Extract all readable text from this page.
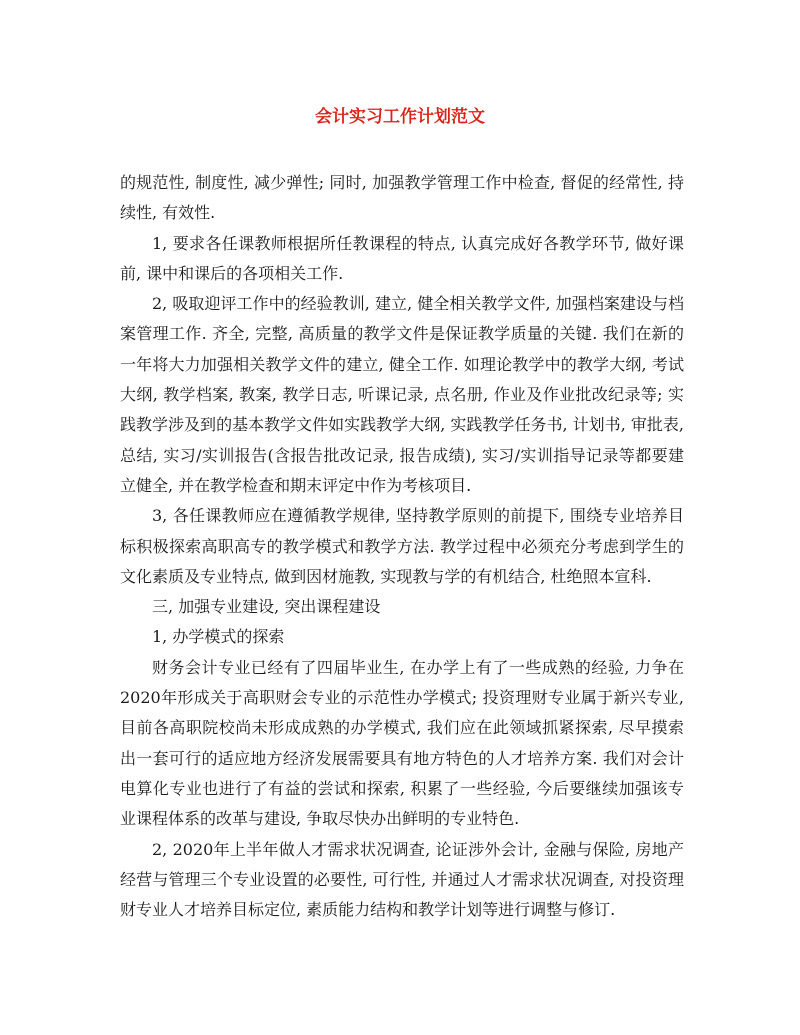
会计实习工作计划范文

的规范性, 制度性, 减少弹性; 同时, 加强教学管理工作中检查, 督促的经常性, 持续性, 有效性.

1, 要求各任课教师根据所任教课程的特点, 认真完成好各教学环节, 做好课前, 课中和课后的各项相关工作.

2, 吸取迎评工作中的经验教训, 建立, 健全相关教学文件, 加强档案建设与档案管理工作. 齐全, 完整, 高质量的教学文件是保证教学质量的关键. 我们在新的一年将大力加强相关教学文件的建立, 健全工作. 如理论教学中的教学大纲, 考试大纲, 教学档案, 教案, 教学日志, 听课记录, 点名册, 作业及作业批改纪录等; 实践教学涉及到的基本教学文件如实践教学大纲, 实践教学任务书, 计划书, 审批表, 总结, 实习/实训报告(含报告批改记录, 报告成绩), 实习/实训指导记录等都要建立健全, 并在教学检查和期末评定中作为考核项目.

3, 各任课教师应在遵循教学规律, 坚持教学原则的前提下, 围绕专业培养目标积极探索高职高专的教学模式和教学方法. 教学过程中必须充分考虑到学生的文化素质及专业特点, 做到因材施教, 实现教与学的有机结合, 杜绝照本宣科.

三, 加强专业建设, 突出课程建设

1, 办学模式的探索

财务会计专业已经有了四届毕业生, 在办学上有了一些成熟的经验, 力争在2020年形成关于高职财会专业的示范性办学模式; 投资理财专业属于新兴专业, 目前各高职院校尚未形成成熟的办学模式, 我们应在此领域抓紧探索, 尽早摸索出一套可行的适应地方经济发展需要具有地方特色的人才培养方案. 我们对会计电算化专业也进行了有益的尝试和探索, 积累了一些经验, 今后要继续加强该专业课程体系的改革与建设, 争取尽快办出鲜明的专业特色.

2, 2020年上半年做人才需求状况调查, 论证涉外会计, 金融与保险, 房地产经营与管理三个专业设置的必要性, 可行性, 并通过人才需求状况调查, 对投资理财专业人才培养目标定位, 素质能力结构和教学计划等进行调整与修订.
